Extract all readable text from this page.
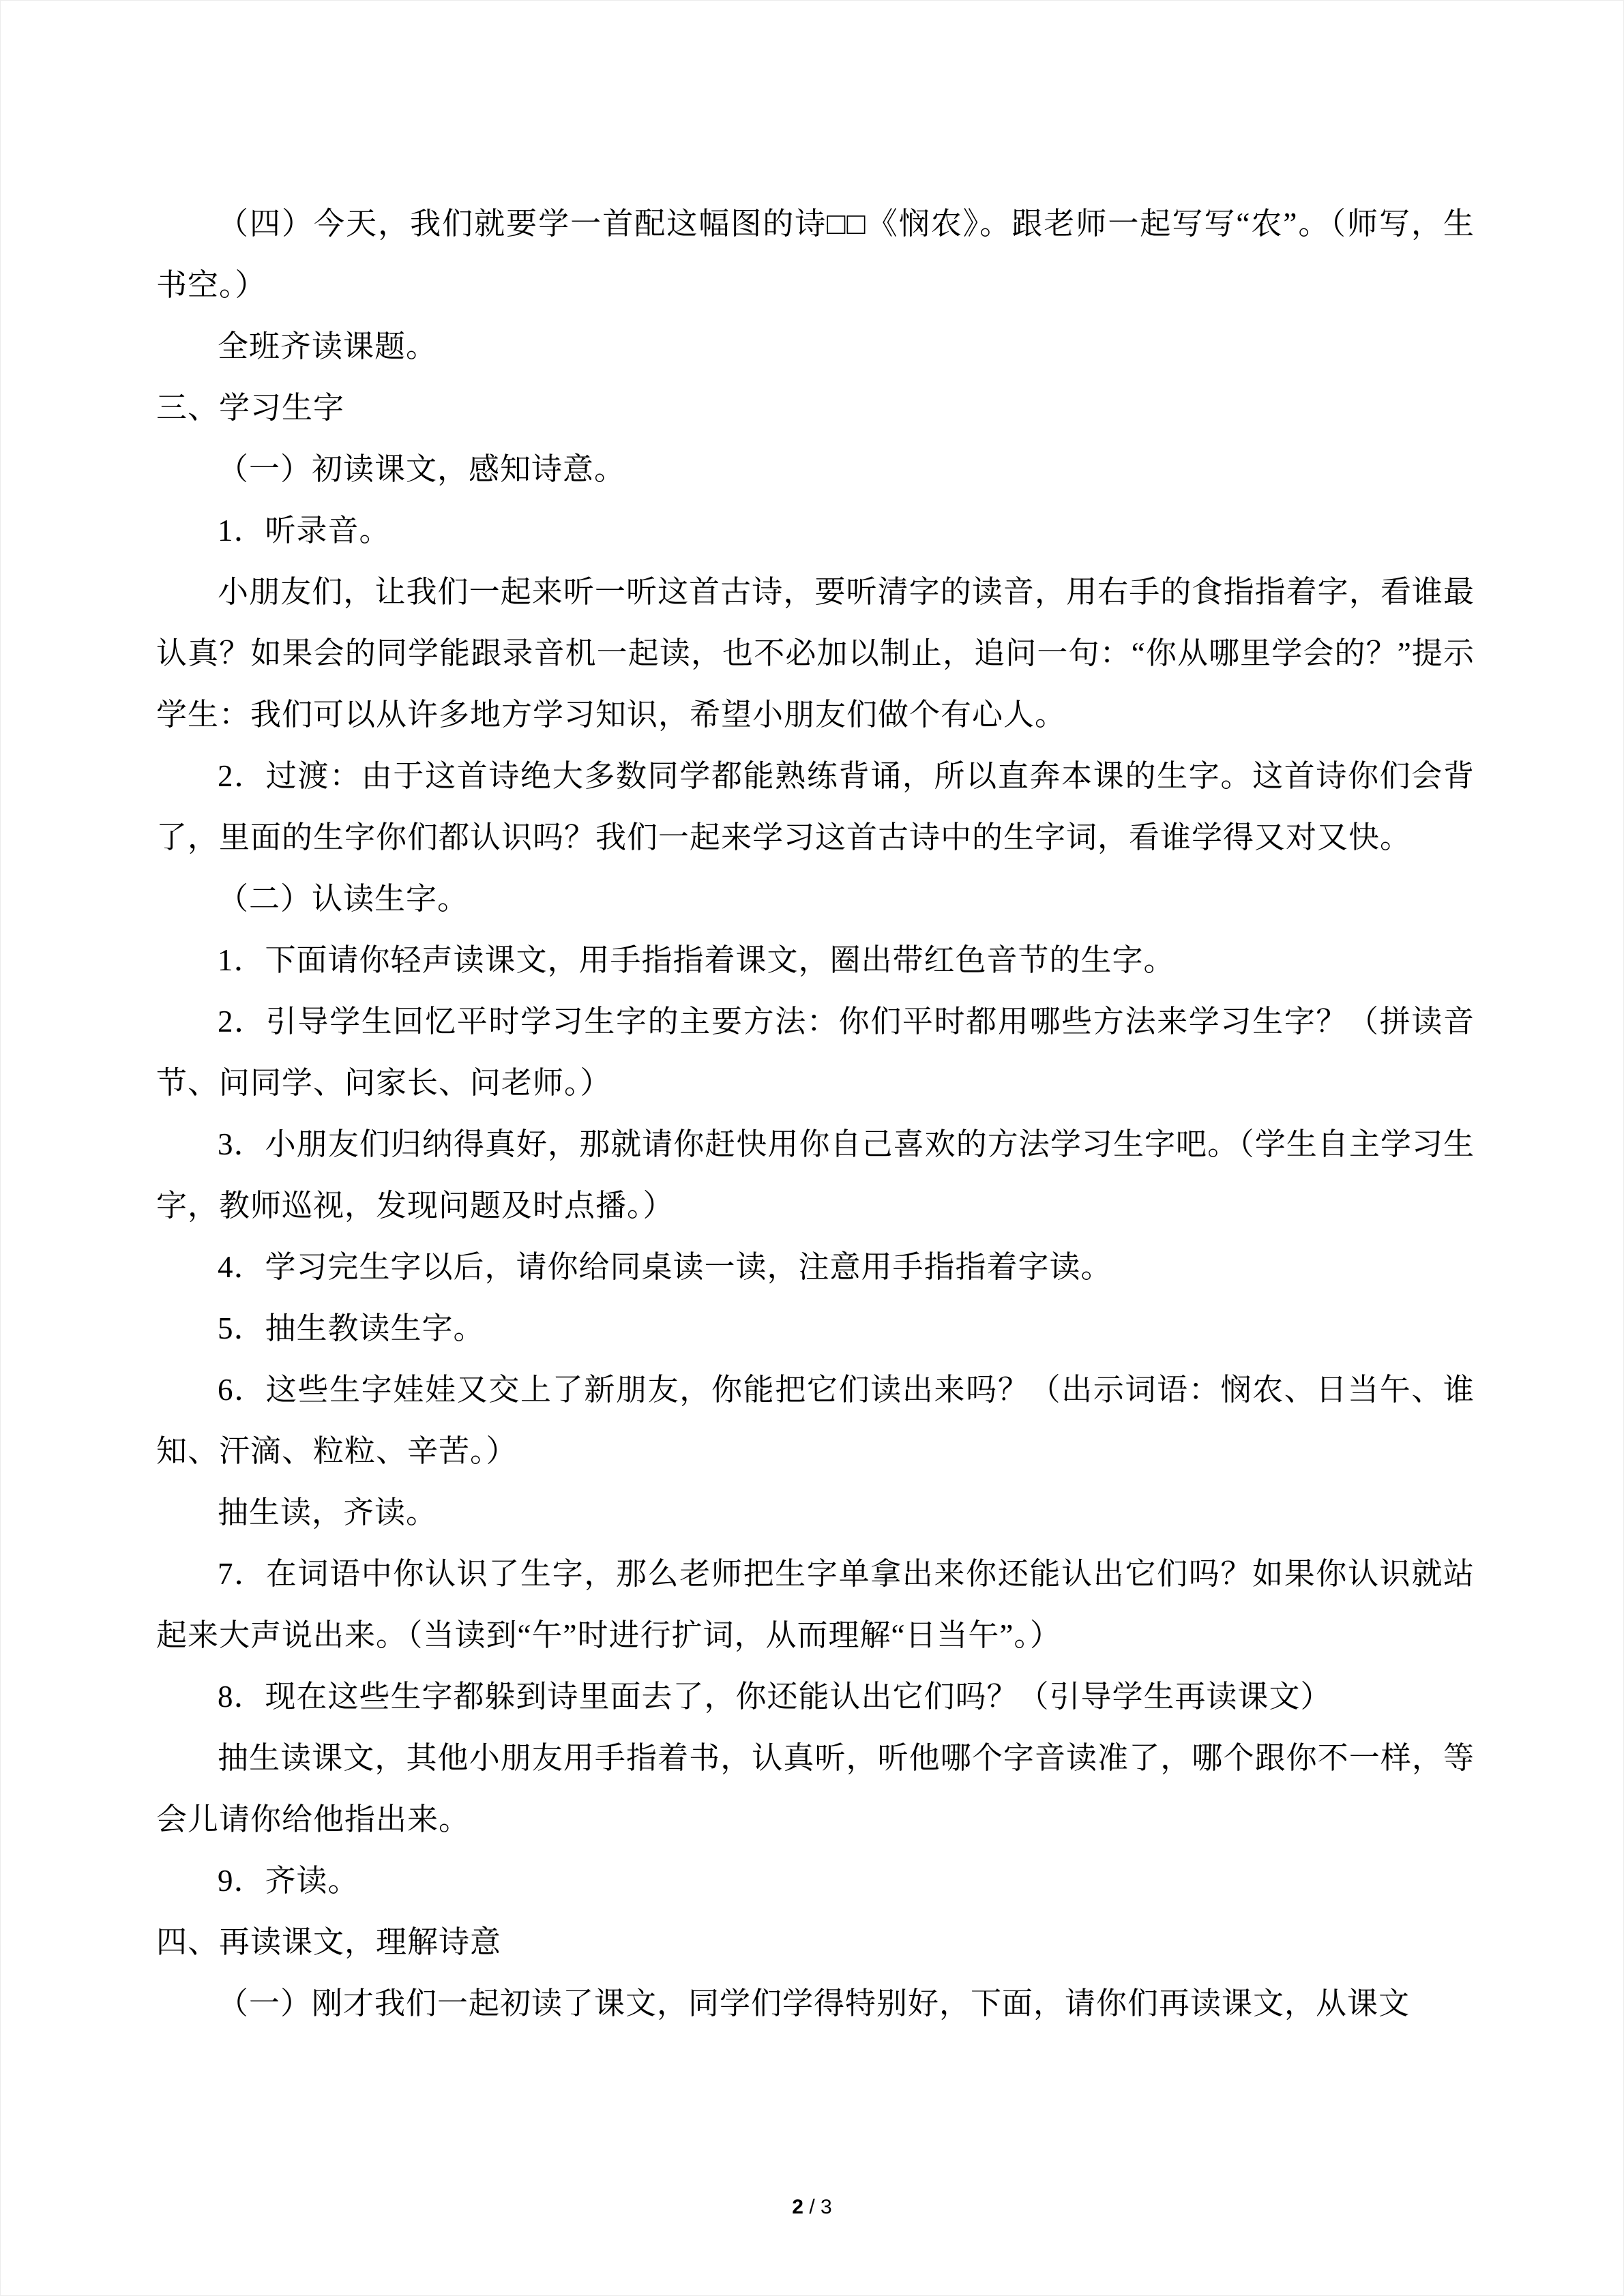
（四）今天，我们就要学一首配这幅图的诗□□《悯农》。跟老师一起写写“农”。（师写，生书空。）

全班齐读课题。

三、学习生字

（一）初读课文，感知诗意。

1．听录音。

小朋友们，让我们一起来听一听这首古诗，要听清字的读音，用右手的食指指着字，看谁最认真？如果会的同学能跟录音机一起读，也不必加以制止，追问一句：“你从哪里学会的？”提示学生：我们可以从许多地方学习知识，希望小朋友们做个有心人。

2．过渡：由于这首诗绝大多数同学都能熟练背诵，所以直奔本课的生字。这首诗你们会背了，里面的生字你们都认识吗？我们一起来学习这首古诗中的生字词，看谁学得又对又快。

（二）认读生字。

1．下面请你轻声读课文，用手指指着课文，圈出带红色音节的生字。

2．引导学生回忆平时学习生字的主要方法：你们平时都用哪些方法来学习生字？（拼读音节、问同学、问家长、问老师。）

3．小朋友们归纳得真好，那就请你赶快用你自己喜欢的方法学习生字吧。（学生自主学习生字，教师巡视，发现问题及时点播。）

4．学习完生字以后，请你给同桌读一读，注意用手指指着字读。

5．抽生教读生字。

6．这些生字娃娃又交上了新朋友，你能把它们读出来吗？（出示词语：悯农、日当午、谁知、汗滴、粒粒、辛苦。）

抽生读，齐读。

7．在词语中你认识了生字，那么老师把生字单拿出来你还能认出它们吗？如果你认识就站起来大声说出来。（当读到“午”时进行扩词，从而理解“日当午”。）

8．现在这些生字都躲到诗里面去了，你还能认出它们吗？（引导学生再读课文）

抽生读课文，其他小朋友用手指着书，认真听，听他哪个字音读准了，哪个跟你不一样，等会儿请你给他指出来。

9．齐读。

四、再读课文，理解诗意

（一）刚才我们一起初读了课文，同学们学得特别好，下面，请你们再读课文，从课文

2 / 3
